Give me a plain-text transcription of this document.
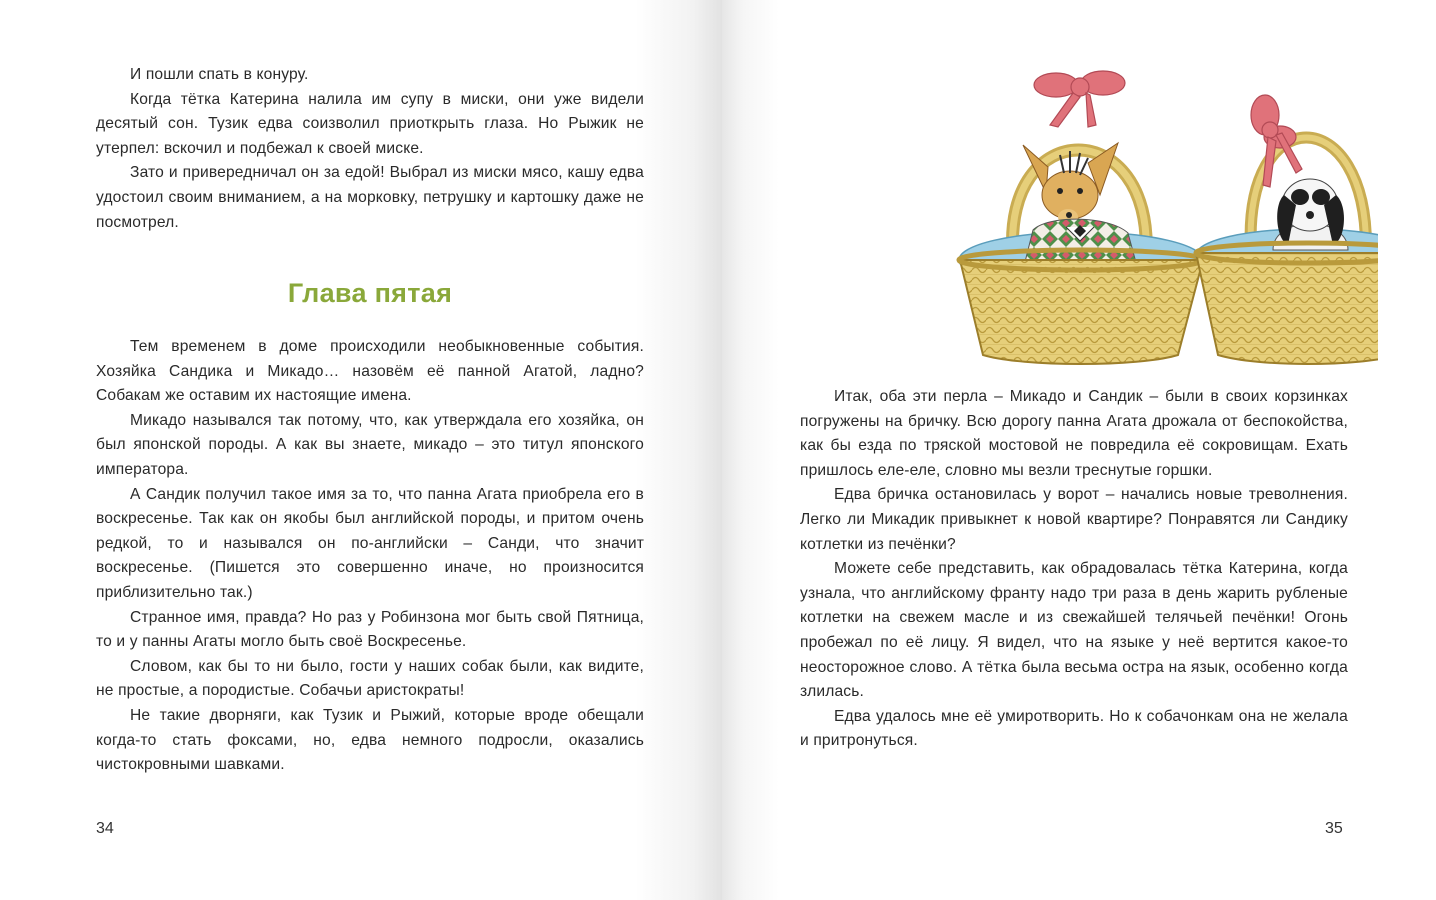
И пошли спать в конуру.

Когда тётка Катерина налила им супу в миски, они уже видели десятый сон. Тузик едва соизволил приоткрыть глаза. Но Рыжик не утерпел: вскочил и подбежал к своей миске.

Зато и привередничал он за едой! Выбрал из миски мясо, кашу едва удостоил своим вниманием, а на морковку, петрушку и картошку даже не посмотрел.

Глава пятая

Тем временем в доме происходили необыкновенные события. Хозяйка Сандика и Микадо… назовём её панной Агатой, ладно? Собакам же оставим их настоящие имена.

Микадо назывался так потому, что, как утверждала его хозяйка, он был японской породы. А как вы знаете, микадо – это титул японского императора.

А Сандик получил такое имя за то, что панна Агата приобрела его в воскресенье. Так как он якобы был английской породы, и притом очень редкой, то и назывался он по-английски – Санди, что значит воскресенье. (Пишется это совершенно иначе, но произносится приблизительно так.)

Странное имя, правда? Но раз у Робинзона мог быть свой Пятница, то и у панны Агаты могло быть своё Воскресенье.

Словом, как бы то ни было, гости у наших собак были, как видите, не простые, а породистые. Собачьи аристократы!

Не такие дворняги, как Тузик и Рыжий, которые вроде обещали когда-то стать фоксами, но, едва немного подросли, оказались чистокровными шавками.

34

Итак, оба эти перла – Микадо и Сандик – были в своих корзинках погружены на бричку. Всю дорогу панна Агата дрожала от беспокойства, как бы езда по тряской мостовой не повредила её сокровищам. Ехать пришлось еле-еле, словно мы везли треснутые горшки.

Едва бричка остановилась у ворот – начались новые треволнения. Легко ли Микадик привыкнет к новой квартире? Понравятся ли Сандику котлетки из печёнки?

Можете себе представить, как обрадовалась тётка Катерина, когда узнала, что английскому франту надо три раза в день жарить рубленые котлетки на свежем масле и из свежайшей телячьей печёнки! Огонь пробежал по её лицу. Я видел, что на языке у неё вертится какое-то неосторожное слово. А тётка была весьма остра на язык, особенно когда злилась.

Едва удалось мне её умиротворить. Но к собачонкам она не желала и притронуться.

35
